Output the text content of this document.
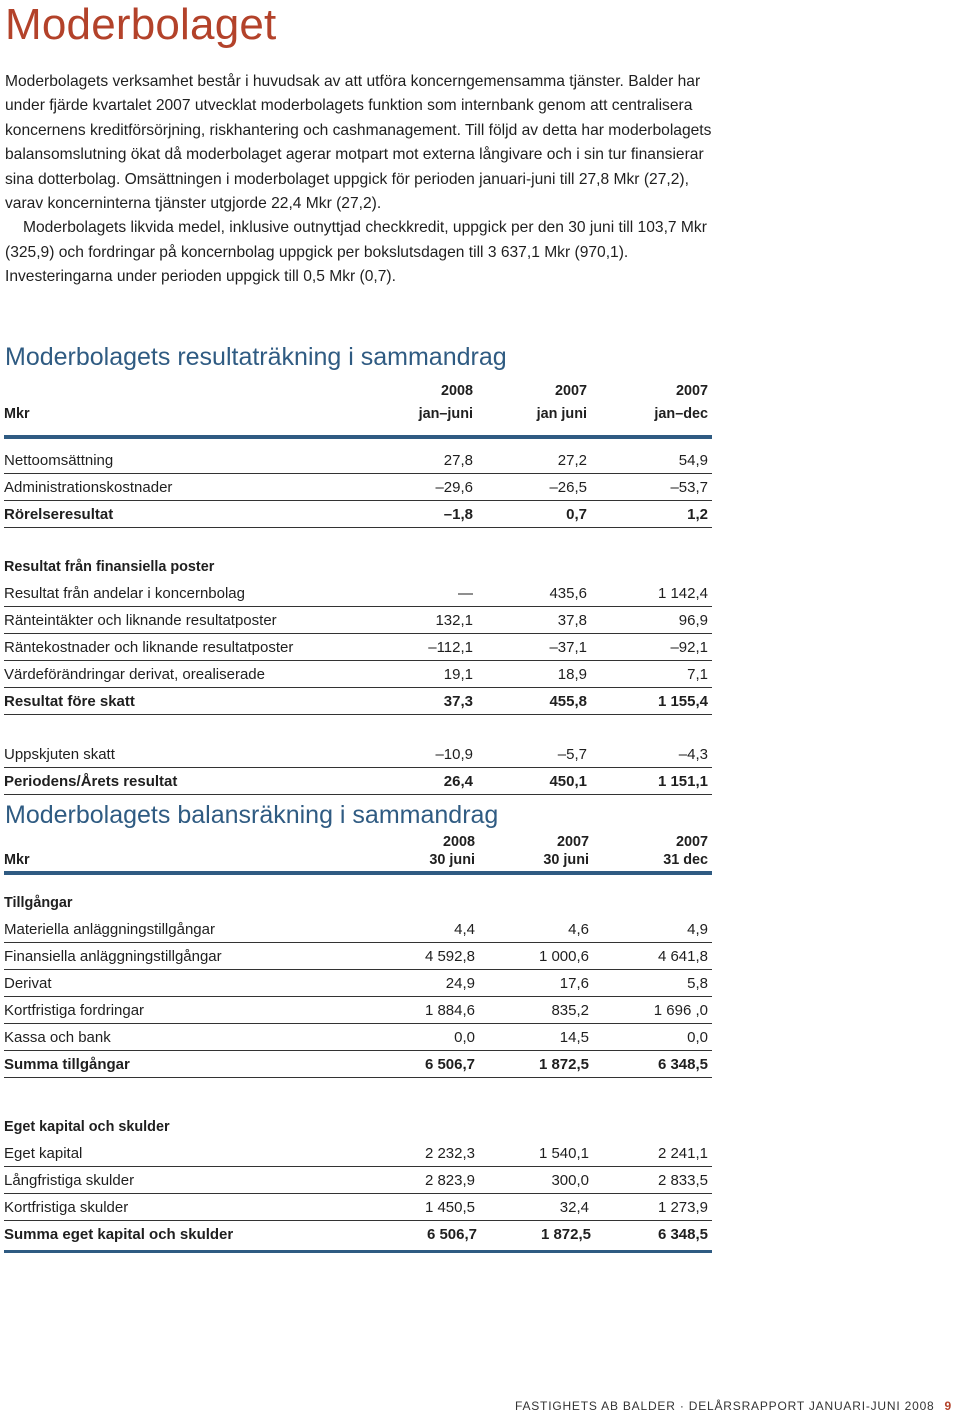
Moderbolaget

Moderbolagets verksamhet består i huvudsak av att utföra koncerngemensamma tjänster. Balder har under fjärde kvartalet 2007 utvecklat moderbolagets funktion som internbank genom att centralisera koncernens kreditförsörjning, riskhantering och cashmanagement. Till följd av detta har moderbolagets balansomslutning ökat då moderbolaget agerar motpart mot externa långivare och i sin tur finansierar sina dotterbolag. Omsättningen i moderbolaget uppgick för perioden januari-juni till 27,8 Mkr (27,2), varav koncerninterna tjänster utgjorde 22,4 Mkr (27,2).

Moderbolagets likvida medel, inklusive outnyttjad checkkredit, uppgick per den 30 juni till 103,7 Mkr (325,9) och fordringar på koncernbolag uppgick per bokslutsdagen till 3 637,1 Mkr (970,1). Investeringarna under perioden uppgick till 0,5 Mkr (0,7).

Moderbolagets resultaträkning i sammandrag
2008	2007	2007
Mkr	jan–juni	jan juni	jan–dec
Nettoomsättning	27,8	27,2	54,9
Administrationskostnader	–29,6	–26,5	–53,7
Rörelseresultat	–1,8	0,7	1,2
Resultat från finansiella poster
Resultat från andelar i koncernbolag	—	435,6	1 142,4
Ränteintäkter och liknande resultatposter	132,1	37,8	96,9
Räntekostnader och liknande resultatposter	–112,1	–37,1	–92,1
Värdeförändringar derivat, orealiserade	19,1	18,9	7,1
Resultat före skatt	37,3	455,8	1 155,4
Uppskjuten skatt	–10,9	–5,7	–4,3
Periodens/Årets resultat	26,4	450,1	1 151,1
Moderbolagets balansräkning i sammandrag
2008	2007	2007
Mkr	30 juni	30 juni	31 dec
Tillgångar
Materiella anläggningstillgångar	4,4	4,6	4,9
Finansiella anläggningstillgångar	4 592,8	1 000,6	4 641,8
Derivat	24,9	17,6	5,8
Kortfristiga fordringar	1 884,6	835,2	1 696 ,0
Kassa och bank	0,0	14,5	0,0
Summa tillgångar	6 506,7	1 872,5	6 348,5
Eget kapital och skulder
Eget kapital	2 232,3	1 540,1	2 241,1
Långfristiga skulder	2 823,9	300,0	2 833,5
Kortfristiga skulder	1 450,5	32,4	1 273,9
Summa eget kapital och skulder	6 506,7	1 872,5	6 348,5
FASTIGHETS AB BALDER · DELÅRSRAPPORT JANUARI-JUNI 2008 9
